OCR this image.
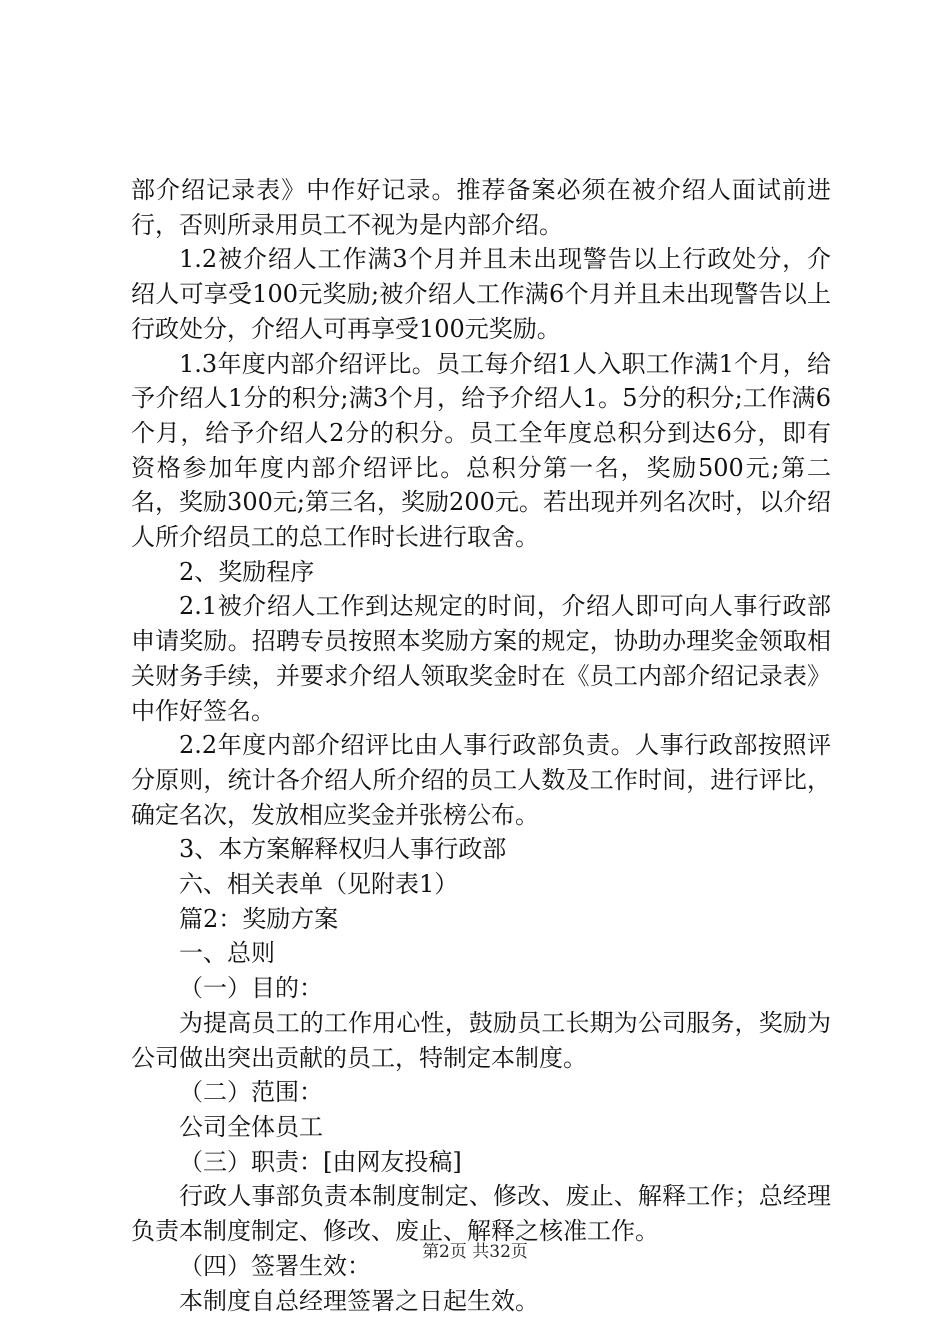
部介绍记录表》中作好记录。推荐备案必须在被介绍人面试前进行，否则所录用员工不视为是内部介绍。

1.2被介绍人工作满3个月并且未出现警告以上行政处分，介绍人可享受100元奖励;被介绍人工作满6个月并且未出现警告以上行政处分，介绍人可再享受100元奖励。

1.3年度内部介绍评比。员工每介绍1人入职工作满1个月，给予介绍人1分的积分;满3个月，给予介绍人1。5分的积分;工作满6个月，给予介绍人2分的积分。员工全年度总积分到达6分，即有资格参加年度内部介绍评比。总积分第一名，奖励500元;第二名，奖励300元;第三名，奖励200元。若出现并列名次时，以介绍人所介绍员工的总工作时长进行取舍。

2、奖励程序

2.1被介绍人工作到达规定的时间，介绍人即可向人事行政部申请奖励。招聘专员按照本奖励方案的规定，协助办理奖金领取相关财务手续，并要求介绍人领取奖金时在《员工内部介绍记录表》中作好签名。

2.2年度内部介绍评比由人事行政部负责。人事行政部按照评分原则，统计各介绍人所介绍的员工人数及工作时间，进行评比，确定名次，发放相应奖金并张榜公布。

3、本方案解释权归人事行政部

六、相关表单（见附表1）

篇2：奖励方案

一、总则

（一）目的：

为提高员工的工作用心性，鼓励员工长期为公司服务，奖励为公司做出突出贡献的员工，特制定本制度。

（二）范围：

公司全体员工

（三）职责：[由网友投稿]

行政人事部负责本制度制定、修改、废止、解释工作；总经理负责本制度制定、修改、废止、解释之核准工作。

（四）签署生效：

本制度自总经理签署之日起生效。

第2页 共32页
